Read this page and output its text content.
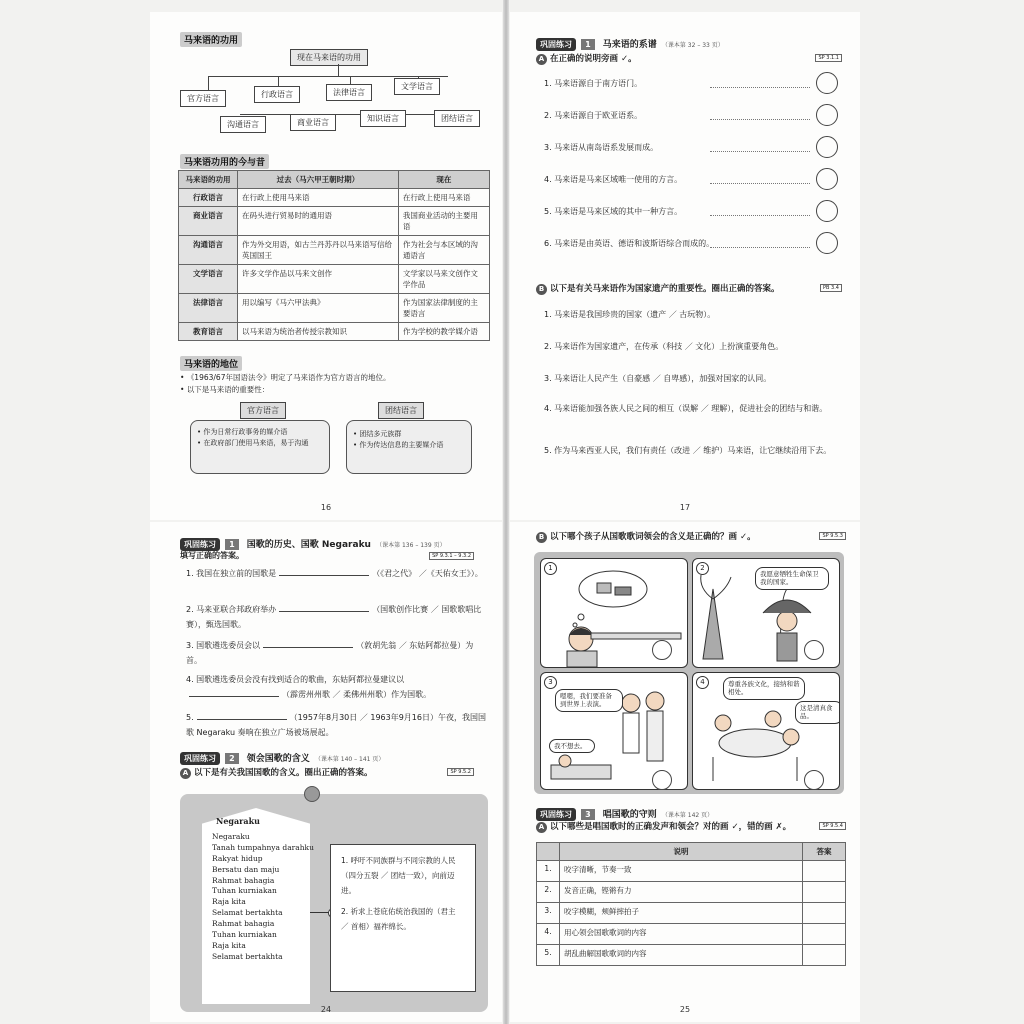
马来语的功用
现在马来语的功用
官方语言	行政语言	法律语言
文学语言
沟通语言	商业语言	知识语言	团结语言
马来语功用的今与昔
马来语的功用	过去（马六甲王朝时期）	现在
行政语言	在行政上使用马来语	在行政上使用马来语
商业语言	在码头进行贸易时的通用语	我国商业活动的主要用语
沟通语言	作为外交用语，如古兰丹苏丹以马来语写信给英国国王	作为社会与本区域的沟通语言
文学语言	许多文学作品以马来文创作	文学家以马来文创作文学作品
法律语言	用以编写《马六甲法典》	作为国家法律制度的主要语言
教育语言	以马来语为统治者传授宗教知识	作为学校的教学媒介语
马来语的地位
• 《1963/67年国语法令》明定了马来语作为官方语言的地位。
• 以下是马来语的重要性：
官方语言
• 作为日常行政事务的媒介语
• 在政府部门使用马来语，易于沟通
团结语言
• 团结多元族群
• 作为传达信息的主要媒介语
16
巩固练习 1 马来语的系谱 （课本第 32 – 33 页）
A 在正确的说明旁画 ✓。	SP 3.1.1
1. 马来语源自于南方语门。
2. 马来语源自于欧亚语系。
3. 马来语从南岛语系发展而成。
4. 马来语是马来区域唯一使用的方言。
5. 马来语是马来区域的其中一种方言。
6. 马来语是由英语、德语和波斯语综合而成的。
B 以下是有关马来语作为国家遗产的重要性。圈出正确的答案。	PB 3.4
1. 马来语是我国珍贵的国家（遗产 ／ 古玩物）。
2. 马来语作为国家遗产，在传承（科技 ／ 文化）上扮演重要角色。
3. 马来语让人民产生（自豪感 ／ 自卑感），加强对国家的认同。
4. 马来语能加强各族人民之间的相互（误解 ／ 理解），促进社会的团结与和谐。
5. 作为马来西亚人民，我们有责任（改进 ／ 维护）马来语，让它继续沿用下去。
17
巩固练习 1 国歌的历史、国歌 Negaraku （课本第 136 – 139 页）
填写正确的答案。	SP 9.3.1 – 9.3.2
1. 我国在独立前的国歌是	（《君之代》 ／《天佑女王》）。
2. 马来亚联合邦政府举办	（国歌创作比赛 ／ 国歌歌唱比赛），甄选国歌。
3. 国歌遴选委员会以	（敦胡先翁 ／ 东姑阿都拉曼）为首。
4. 国歌遴选委员会没有找到适合的歌曲，东姑阿都拉曼建议以（霹雳州州歌 ／ 柔佛州州歌）作为国歌。
5.	（1957年8月30日 ／ 1963年9月16日）午夜，我国国歌 Negaraku 奏响在独立广场被场展起。
巩固练习 2 领会国歌的含义 （课本第 140 – 141 页）
A 以下是有关我国国歌的含义。圈出正确的答案。	SP 9.5.2
Negaraku
Negaraku
Tanah tumpahnya darahku
Rakyat hidup
Bersatu dan maju
Rahmat bahagia
Tuhan kurniakan
Raja kita
Selamat bertakhta
Rahmat bahagia
Tuhan kurniakan
Raja kita
Selamat bertakhta
1. 呼吁不同族群与不同宗教的人民（四分五裂 ／ 团结一致），向前迈进。
2. 祈求上苍庇佑统治我国的（君主 ／ 首相）福祚绵长。
24
B 以下哪个孩子从国歌歌词领会的含义是正确的？画 ✓。	SP 9.5.3
1	2
我愿意牺牲生命保卫我的国家。
3
嗯嗯，我们要准备到世界上表演。
我不想去。
4	尊重各族文化，接纳和谐相处。
这是清真食品。
巩固练习 3 唱国歌的守则 （课本第 142 页）
A 以下哪些是唱国歌时的正确发声和领会？对的画 ✓，错的画 ✗。	SP 9.5.4
	说明	答案
1.	咬字清晰，节奏一致	
2.	发音正确，铿锵有力	
3.	咬字模糊，颊鲜摔拍子	
4.	用心领会国歌歌词的内容	
5.	胡乱曲解国歌歌词的内容	
25
